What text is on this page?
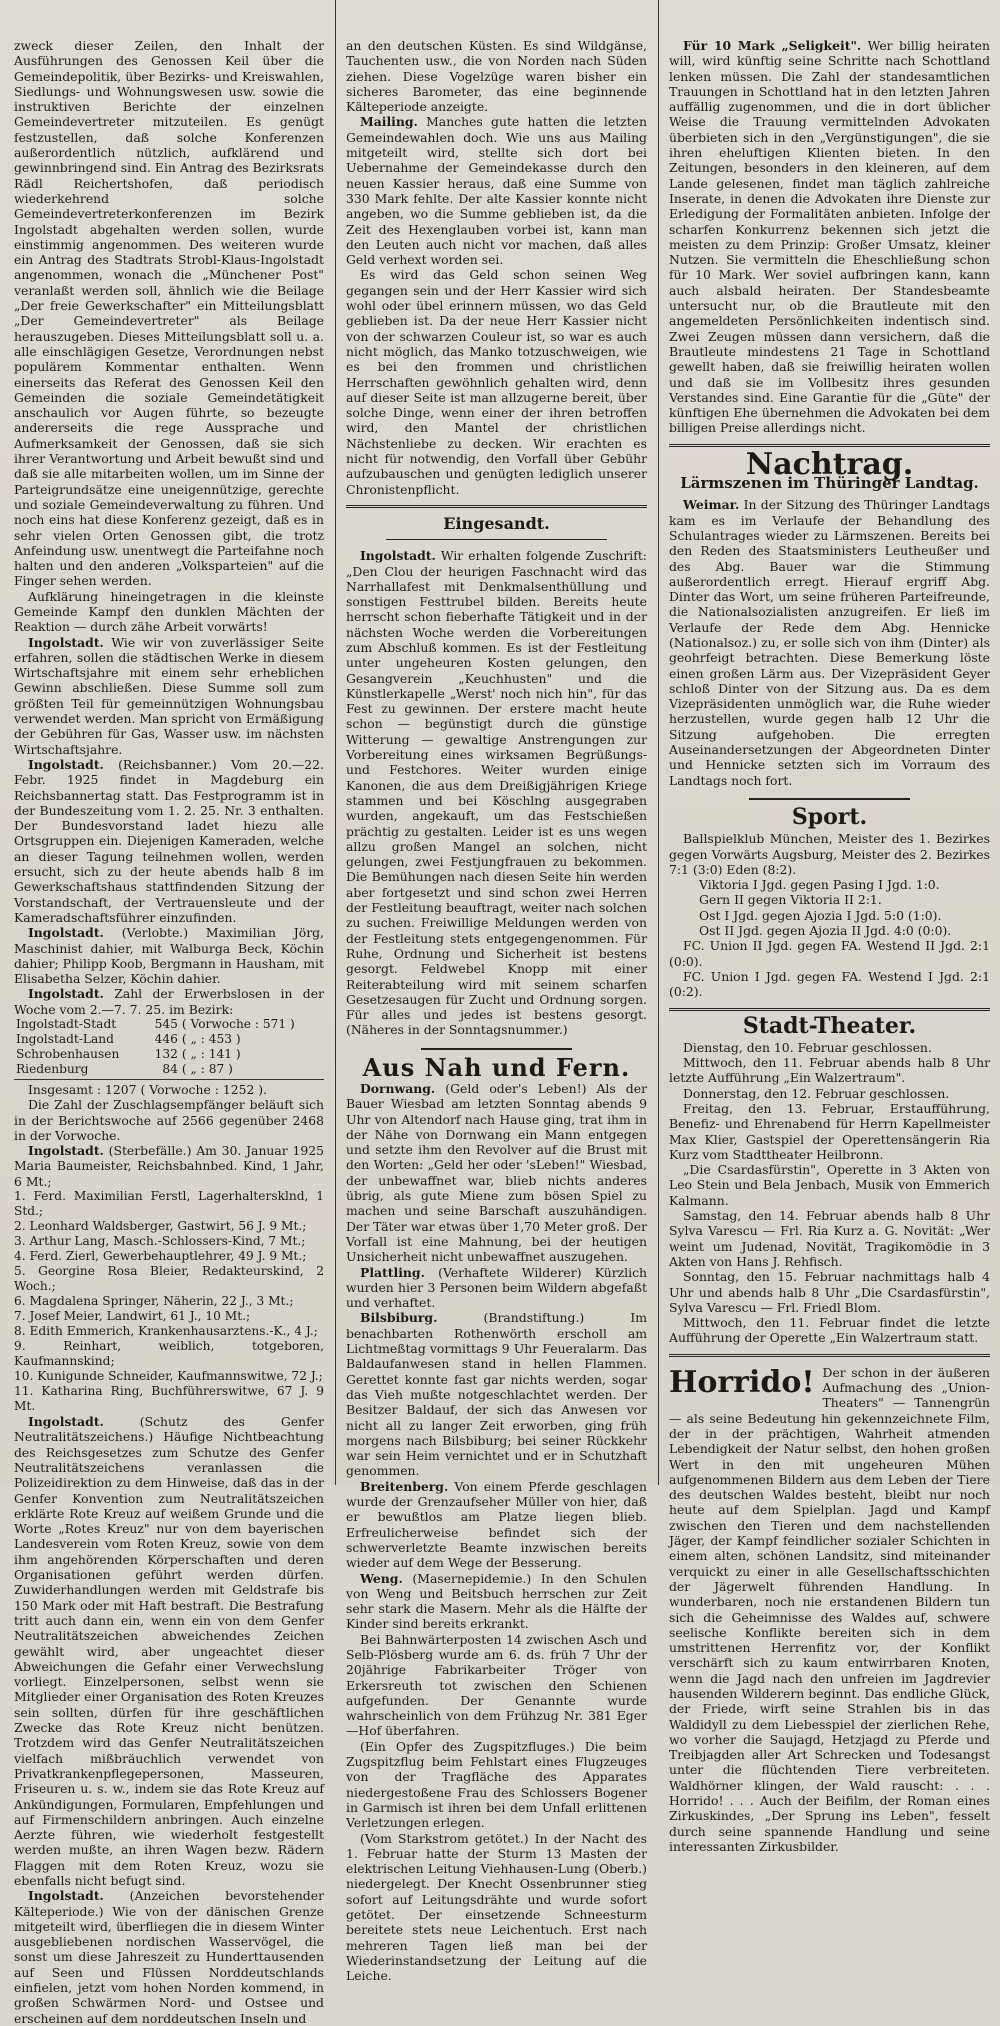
zweck dieser Zeilen, den Inhalt der Ausführungen des Genossen Keil über die Gemeindepolitik, über Bezirks- und Kreiswahlen, Siedlungs- und Wohnungswesen usw. sowie die instruktiven Berichte der einzelnen Gemeindevertreter mitzuteilen. Es genügt festzustellen, daß solche Konferenzen außerordentlich nützlich, aufklärend und gewinnbringend sind. Ein Antrag des Bezirksrats Rädl Reichertshofen, daß periodisch wiederkehrend solche Gemeindevertreterkonferenzen im Bezirk Ingolstadt abgehalten werden sollen, wurde einstimmig angenommen. Des weiteren wurde ein Antrag des Stadtrats Strobl-Klaus-Ingolstadt angenommen, wonach die „Münchener Post" veranlaßt werden soll, ähnlich wie die Beilage „Der freie Gewerkschafter" ein Mitteilungsblatt „Der Gemeindevertreter" als Beilage herauszugeben. Dieses Mitteilungsblatt soll u. a. alle einschlägigen Gesetze, Verordnungen nebst populärem Kommentar enthalten. Wenn einerseits das Referat des Genossen Keil den Gemeinden die soziale Gemeindetätigkeit anschaulich vor Augen führte, so bezeugte andererseits die rege Aussprache und Aufmerksamkeit der Genossen, daß sie sich ihrer Verantwortung und Arbeit bewußt sind und daß sie alle mitarbeiten wollen, um im Sinne der Parteigrundsätze eine uneigennützige, gerechte und soziale Gemeindeverwaltung zu führen. Und noch eins hat diese Konferenz gezeigt, daß es in sehr vielen Orten Genossen gibt, die trotz Anfeindung usw. unentwegt die Parteifahne noch halten und den anderen „Volksparteien" auf die Finger sehen werden.

Aufklärung hineingetragen in die kleinste Gemeinde Kampf den dunklen Mächten der Reaktion — durch zähe Arbeit vorwärts!

Ingolstadt. Wie wir von zuverlässiger Seite erfahren, sollen die städtischen Werke in diesem Wirtschaftsjahre mit einem sehr erheblichen Gewinn abschließen. Diese Summe soll zum größten Teil für gemeinnützigen Wohnungsbau verwendet werden. Man spricht von Ermäßigung der Gebühren für Gas, Wasser usw. im nächsten Wirtschaftsjahre.

Ingolstadt. (Reichsbanner.) Vom 20.—22. Febr. 1925 findet in Magdeburg ein Reichsbannertag statt. Das Festprogramm ist in der Bundeszeitung vom 1. 2. 25. Nr. 3 enthalten. Der Bundesvorstand ladet hiezu alle Ortsgruppen ein. Diejenigen Kameraden, welche an dieser Tagung teilnehmen wollen, werden ersucht, sich zu der heute abends halb 8 im Gewerkschaftshaus stattfindenden Sitzung der Vorstandschaft, der Vertrauensleute und der Kameradschaftsführer einzufinden.

Ingolstadt. (Verlobte.) Maximilian Jörg, Maschinist dahier, mit Walburga Beck, Köchin dahier; Philipp Koob, Bergmann in Hausham, mit Elisabetha Selzer, Köchin dahier.

Ingolstadt. Zahl der Erwerbslosen in der Woche vom 2.—7. 7. 25. im Bezirk:

Ingolstadt-Stadt	545	( Vorwoche : 571 )
Ingolstadt-Land	446	( „ : 453 )
Schrobenhausen	132	( „ : 141 )
Riedenburg	84	( „ : 87 )

Insgesamt : 1207 ( Vorwoche : 1252 ).

Die Zahl der Zuschlagsempfänger beläuft sich in der Berichtswoche auf 2566 gegenüber 2468 in der Vorwoche.

Ingolstadt. (Sterbefälle.) Am 30. Januar 1925 Maria Baumeister, Reichsbahnbed. Kind, 1 Jahr, 6 Mt.;

1. Ferd. Maximilian Ferstl, Lagerhaltersklnd, 1 Std.;
2. Leonhard Waldsberger, Gastwirt, 56 J. 9 Mt.;
3. Arthur Lang, Masch.-Schlossers-Kind, 7 Mt.;
4. Ferd. Zierl, Gewerbehauptlehrer, 49 J. 9 Mt.;
5. Georgine Rosa Bleier, Redakteurskind, 2 Woch.;
6. Magdalena Springer, Näherin, 22 J., 3 Mt.;
7. Josef Meier, Landwirt, 61 J., 10 Mt.;
8. Edith Emmerich, Krankenhausarztens.-K., 4 J.;
9. Reinhart, weiblich, totgeboren, Kaufmannskind;
10. Kunigunde Schneider, Kaufmannswitwe, 72 J.;
11. Katharina Ring, Buchführerswitwe, 67 J. 9 Mt.

Ingolstadt. (Schutz des Genfer Neutralitätszeichens.) Häufige Nichtbeachtung des Reichsgesetzes zum Schutze des Genfer Neutralitätszeichens veranlassen die Polizeidirektion zu dem Hinweise, daß das in der Genfer Konvention zum Neutralitätszeichen erklärte Rote Kreuz auf weißem Grunde und die Worte „Rotes Kreuz" nur von dem bayerischen Landesverein vom Roten Kreuz, sowie von dem ihm angehörenden Körperschaften und deren Organisationen geführt werden dürfen. Zuwiderhandlungen werden mit Geldstrafe bis 150 Mark oder mit Haft bestraft. Die Bestrafung tritt auch dann ein, wenn ein von dem Genfer Neutralitätszeichen abweichendes Zeichen gewählt wird, aber ungeachtet dieser Abweichungen die Gefahr einer Verwechslung vorliegt. Einzelpersonen, selbst wenn sie Mitglieder einer Organisation des Roten Kreuzes sein sollten, dürfen für ihre geschäftlichen Zwecke das Rote Kreuz nicht benützen. Trotzdem wird das Genfer Neutralitätszeichen vielfach mißbräuchlich verwendet von Privatkrankenpflegepersonen, Masseuren, Friseuren u. s. w., indem sie das Rote Kreuz auf Ankündigungen, Formularen, Empfehlungen und auf Firmenschildern anbringen. Auch einzelne Aerzte führen, wie wiederholt festgestellt werden mußte, an ihren Wagen bezw. Rädern Flaggen mit dem Roten Kreuz, wozu sie ebenfalls nicht befugt sind.

Ingolstadt. (Anzeichen bevorstehender Kälteperiode.) Wie von der dänischen Grenze mitgeteilt wird, überfliegen die in diesem Winter ausgebliebenen nordischen Wasservögel, die sonst um diese Jahreszeit zu Hunderttausenden auf Seen und Flüssen Norddeutschlands einfielen, jetzt vom hohen Norden kommend, in großen Schwärmen Nord- und Ostsee und erscheinen auf dem norddeutschen Inseln und

an den deutschen Küsten. Es sind Wildgänse, Tauchenten usw., die von Norden nach Süden ziehen. Diese Vogelzüge waren bisher ein sicheres Barometer, das eine beginnende Kälteperiode anzeigte.

Mailing. Manches gute hatten die letzten Gemeindewahlen doch. Wie uns aus Mailing mitgeteilt wird, stellte sich dort bei Uebernahme der Gemeindekasse durch den neuen Kassier heraus, daß eine Summe von 330 Mark fehlte. Der alte Kassier konnte nicht angeben, wo die Summe geblieben ist, da die Zeit des Hexenglauben vorbei ist, kann man den Leuten auch nicht vor machen, daß alles Geld verhext worden sei.

Es wird das Geld schon seinen Weg gegangen sein und der Herr Kassier wird sich wohl oder übel erinnern müssen, wo das Geld geblieben ist. Da der neue Herr Kassier nicht von der schwarzen Couleur ist, so war es auch nicht möglich, das Manko totzuschweigen, wie es bei den frommen und christlichen Herrschaften gewöhnlich gehalten wird, denn auf dieser Seite ist man allzugerne bereit, über solche Dinge, wenn einer der ihren betroffen wird, den Mantel der christlichen Nächstenliebe zu decken. Wir erachten es nicht für notwendig, den Vorfall über Gebühr aufzubauschen und genügten lediglich unserer Chronistenpflicht.

Eingesandt.

Ingolstadt. Wir erhalten folgende Zuschrift: „Den Clou der heurigen Faschnacht wird das Narrhallafest mit Denkmalsenthüllung und sonstigen Festtrubel bilden. Bereits heute herrscht schon fieberhafte Tätigkeit und in der nächsten Woche werden die Vorbereitungen zum Abschluß kommen. Es ist der Festleitung unter ungeheuren Kosten gelungen, den Gesangverein „Keuchhusten" und die Künstlerkapelle „Werst' noch nich hin", für das Fest zu gewinnen. Der erstere macht heute schon — begünstigt durch die günstige Witterung — gewaltige Anstrengungen zur Vorbereitung eines wirksamen Begrüßungs- und Festchores. Weiter wurden einige Kanonen, die aus dem Dreißigjährigen Kriege stammen und bei Köschlng ausgegraben wurden, angekauft, um das Festschießen prächtig zu gestalten. Leider ist es uns wegen allzu großen Mangel an solchen, nicht gelungen, zwei Festjungfrauen zu bekommen. Die Bemühungen nach diesen Seite hin werden aber fortgesetzt und sind schon zwei Herren der Festleitung beauftragt, weiter nach solchen zu suchen. Freiwillige Meldungen werden von der Festleitung stets entgegengenommen. Für Ruhe, Ordnung und Sicherheit ist bestens gesorgt. Feldwebel Knopp mit einer Reiterabteilung wird mit seinem scharfen Gesetzesaugen für Zucht und Ordnung sorgen. Für alles und jedes ist bestens gesorgt. (Näheres in der Sonntagsnummer.)

Aus Nah und Fern.

Dornwang. (Geld oder's Leben!) Als der Bauer Wiesbad am letzten Sonntag abends 9 Uhr von Altendorf nach Hause ging, trat ihm in der Nähe von Dornwang ein Mann entgegen und setzte ihm den Revolver auf die Brust mit den Worten: „Geld her oder 'sLeben!" Wiesbad, der unbewaffnet war, blieb nichts anderes übrig, als gute Miene zum bösen Spiel zu machen und seine Barschaft auszuhändigen. Der Täter war etwas über 1,70 Meter groß. Der Vorfall ist eine Mahnung, bei der heutigen Unsicherheit nicht unbewaffnet auszugehen.

Plattling. (Verhaftete Wilderer) Kürzlich wurden hier 3 Personen beim Wildern abgefaßt und verhaftet.

Bilsbiburg. (Brandstiftung.) Im benachbarten Rothenwörth erscholl am Lichtmeßtag vormittags 9 Uhr Feueralarm. Das Baldaufanwesen stand in hellen Flammen. Gerettet konnte fast gar nichts werden, sogar das Vieh mußte notgeschlachtet werden. Der Besitzer Baldauf, der sich das Anwesen vor nicht all zu langer Zeit erworben, ging früh morgens nach Bilsbiburg; bei seiner Rückkehr war sein Heim vernichtet und er in Schutzhaft genommen.

Breitenberg. Von einem Pferde geschlagen wurde der Grenzaufseher Müller von hier, daß er bewußtlos am Platze liegen blieb. Erfreulicherweise befindet sich der schwerverletzte Beamte inzwischen bereits wieder auf dem Wege der Besserung.

Weng. (Masernepidemie.) In den Schulen von Weng und Beitsbuch herrschen zur Zeit sehr stark die Masern. Mehr als die Hälfte der Kinder sind bereits erkrankt.

Bei Bahnwärterposten 14 zwischen Asch und Selb-Plösberg wurde am 6. ds. früh 7 Uhr der 20jährige Fabrikarbeiter Tröger von Erkersreuth tot zwischen den Schienen aufgefunden. Der Genannte wurde wahrscheinlich von dem Frühzug Nr. 381 Eger—Hof überfahren.

(Ein Opfer des Zugspitzfluges.) Die beim Zugspitzflug beim Fehlstart eines Flugzeuges von der Tragfläche des Apparates niedergestoßene Frau des Schlossers Bogener in Garmisch ist ihren bei dem Unfall erlittenen Verletzungen erlegen.

(Vom Starkstrom getötet.) In der Nacht des 1. Februar hatte der Sturm 13 Masten der elektrischen Leitung Viehhausen-Lung (Oberb.) niedergelegt. Der Knecht Ossenbrunner stieg sofort auf Leitungsdrähte und wurde sofort getötet. Der einsetzende Schneesturm bereitete stets neue Leichentuch. Erst nach mehreren Tagen ließ man bei der Wiederinstandsetzung der Leitung auf die Leiche.

Für 10 Mark „Seligkeit". Wer billig heiraten will, wird künftig seine Schritte nach Schottland lenken müssen. Die Zahl der standesamtlichen Trauungen in Schottland hat in den letzten Jahren auffällig zugenommen, und die in dort üblicher Weise die Trauung vermittelnden Advokaten überbieten sich in den „Vergünstigungen", die sie ihren eheluftigen Klienten bieten. In den Zeitungen, besonders in den kleineren, auf dem Lande gelesenen, findet man täglich zahlreiche Inserate, in denen die Advokaten ihre Dienste zur Erledigung der Formalitäten anbieten. Infolge der scharfen Konkurrenz bekennen sich jetzt die meisten zu dem Prinzip: Großer Umsatz, kleiner Nutzen. Sie vermitteln die Eheschließung schon für 10 Mark. Wer soviel aufbringen kann, kann auch alsbald heiraten. Der Standesbeamte untersucht nur, ob die Brautleute mit den angemeldeten Persönlichkeiten indentisch sind. Zwei Zeugen müssen dann versichern, daß die Brautleute mindestens 21 Tage in Schottland gewellt haben, daß sie freiwillig heiraten wollen und daß sie im Vollbesitz ihres gesunden Verstandes sind. Eine Garantie für die „Güte" der künftigen Ehe übernehmen die Advokaten bei dem billigen Preise allerdings nicht.

Nachtrag.
Lärmszenen im Thüringer Landtag.

Weimar. In der Sitzung des Thüringer Landtags kam es im Verlaufe der Behandlung des Schulantrages wieder zu Lärmszenen. Bereits bei den Reden des Staatsministers Leutheußer und des Abg. Bauer war die Stimmung außerordentlich erregt. Hierauf ergriff Abg. Dinter das Wort, um seine früheren Parteifreunde, die Nationalsozialisten anzugreifen. Er ließ im Verlaufe der Rede dem Abg. Hennicke (Nationalsoz.) zu, er solle sich von ihm (Dinter) als geohrfeigt betrachten. Diese Bemerkung löste einen großen Lärm aus. Der Vizepräsident Geyer schloß Dinter von der Sitzung aus. Da es dem Vizepräsidenten unmöglich war, die Ruhe wieder herzustellen, wurde gegen halb 12 Uhr die Sitzung aufgehoben. Die erregten Auseinandersetzungen der Abgeordneten Dinter und Hennicke setzten sich im Vorraum des Landtags noch fort.

Sport.

Ballspielklub München, Meister des 1. Bezirkes gegen Vorwärts Augsburg, Meister des 2. Bezirkes 7:1 (3:0) Eden (8:2).

Viktoria I Jgd. gegen Pasing I Jgd. 1:0.

Gern II gegen Viktoria II 2:1.

Ost I Jgd. gegen Ajozia I Jgd. 5:0 (1:0).

Ost II Jgd. gegen Ajozia II Jgd. 4:0 (0:0).

FC. Union II Jgd. gegen FA. Westend II Jgd. 2:1 (0:0).

FC. Union I Jgd. gegen FA. Westend I Jgd. 2:1 (0:2).

Stadt-Theater.

Dienstag, den 10. Februar geschlossen.

Mittwoch, den 11. Februar abends halb 8 Uhr letzte Aufführung „Ein Walzertraum".

Donnerstag, den 12. Februar geschlossen.

Freitag, den 13. Februar, Erstaufführung, Benefiz- und Ehrenabend für Herrn Kapellmeister Max Klier, Gastspiel der Operettensängerin Ria Kurz vom Stadttheater Heilbronn.

„Die Csardasfürstin", Operette in 3 Akten von Leo Stein und Bela Jenbach, Musik von Emmerich Kalmann.

Samstag, den 14. Februar abends halb 8 Uhr Sylva Varescu — Frl. Ria Kurz a. G. Novität: „Wer weint um Judenad, Novität, Tragikomödie in 3 Akten von Hans J. Rehfisch.

Sonntag, den 15. Februar nachmittags halb 4 Uhr und abends halb 8 Uhr „Die Csardasfürstin", Sylva Varescu — Frl. Friedl Blom.

Mittwoch, den 11. Februar findet die letzte Aufführung der Operette „Ein Walzertraum statt.

Horrido! Der schon in der äußeren Aufmachung des „Union-Theaters" — Tannengrün — als seine Bedeutung hin gekennzeichnete Film, der in der prächtigen, Wahrheit atmenden Lebendigkeit der Natur selbst, den hohen großen Wert in den mit ungeheuren Mühen aufgenommenen Bildern aus dem Leben der Tiere des deutschen Waldes besteht, bleibt nur noch heute auf dem Spielplan. Jagd und Kampf zwischen den Tieren und dem nachstellenden Jäger, der Kampf feindlicher sozialer Schichten in einem alten, schönen Landsitz, sind miteinander verquickt zu einer in alle Gesellschaftsschichten der Jägerwelt führenden Handlung. In wunderbaren, noch nie erstandenen Bildern tun sich die Geheimnisse des Waldes auf, schwere seelische Konflikte bereiten sich in dem umstrittenen Herrenfitz vor, der Konflikt verschärft sich zu kaum entwirrbaren Knoten, wenn die Jagd nach den unfreien im Jagdrevier hausenden Wilderern beginnt. Das endliche Glück, der Friede, wirft seine Strahlen bis in das Waldidyll zu dem Liebesspiel der zierlichen Rehe, wo vorher die Saujagd, Hetzjagd zu Pferde und Treibjagden aller Art Schrecken und Todesangst unter die flüchtenden Tiere verbreiteten. Waldhörner klingen, der Wald rauscht: . . . Horrido! . . . Auch der Beifilm, der Roman eines Zirkuskindes, „Der Sprung ins Leben", fesselt durch seine spannende Handlung und seine interessanten Zirkusbilder.
